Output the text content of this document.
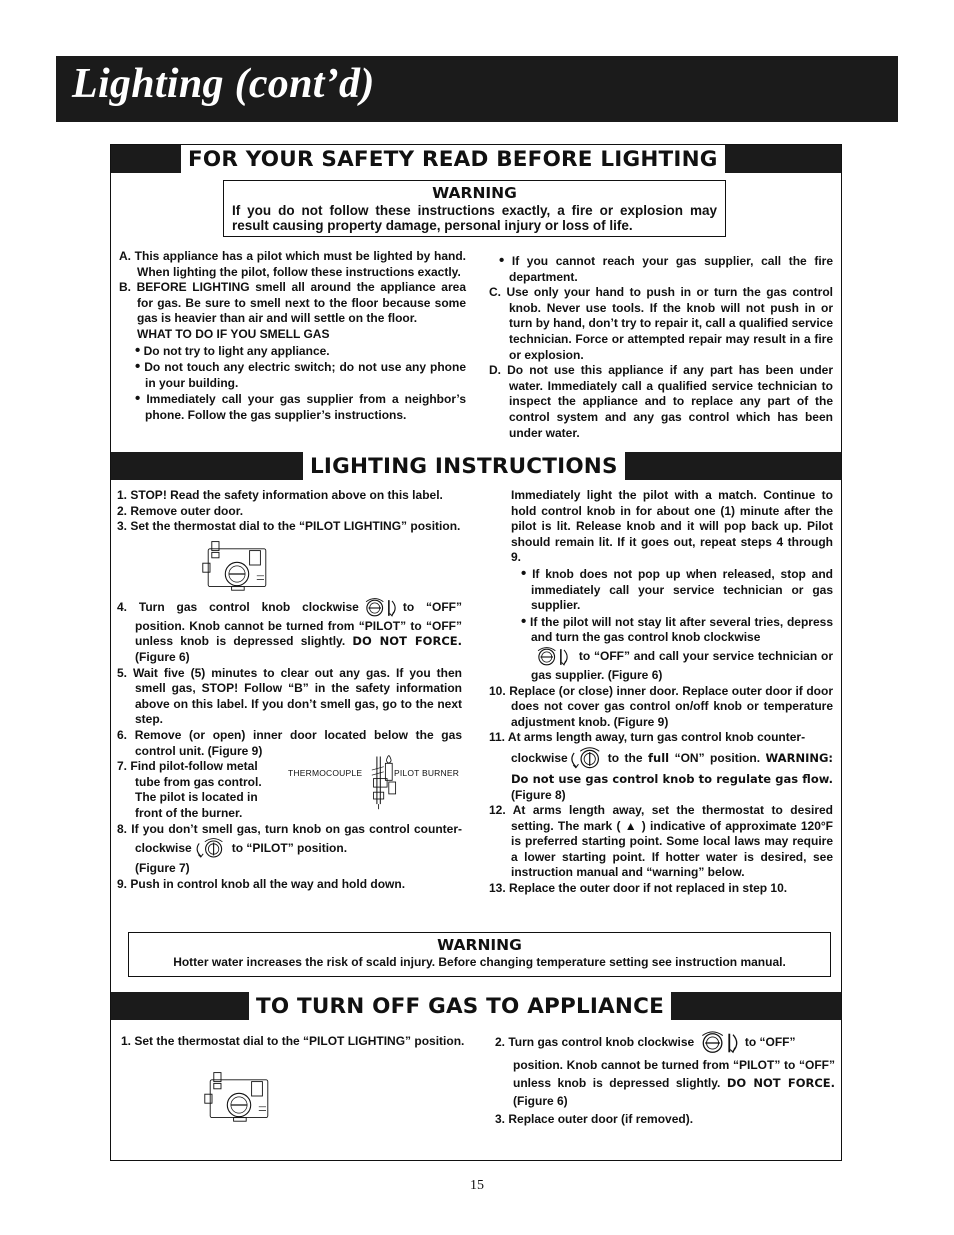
Lighting (cont’d)
FOR YOUR SAFETY READ BEFORE LIGHTING
WARNING
If you do not follow these instructions exactly, a fire or explosion may result causing property damage, personal injury or loss of life.
A. This appliance has a pilot which must be lighted by hand. When lighting the pilot, follow these instructions exactly.
B. BEFORE LIGHTING smell all around the appliance area for gas. Be sure to smell next to the floor because some gas is heavier than air and will settle on the floor.
WHAT TO DO IF YOU SMELL GAS
• Do not try to light any appliance.
• Do not touch any electric switch; do not use any phone in your building.
• Immediately call your gas supplier from a neighbor’s phone. Follow the gas supplier’s instructions.
• If you cannot reach your gas supplier, call the fire department.
C. Use only your hand to push in or turn the gas control knob. Never use tools. If the knob will not push in or turn by hand, don’t try to repair it, call a qualified service technician. Force or attempted repair may result in a fire or explosion.
D. Do not use this appliance if any part has been under water. Immediately call a qualified service technician to inspect the appliance and to replace any part of the control system and any gas control which has been under water.
LIGHTING INSTRUCTIONS
1. STOP! Read the safety information above on this label.
2. Remove outer door.
3. Set the thermostat dial to the “PILOT LIGHTING” position.
4. Turn gas control knob clockwise	to “OFF” position. Knob cannot be turned from “PILOT” to “OFF” unless knob is depressed slightly. DO NOT FORCE. (Figure 6)
5. Wait five (5) minutes to clear out any gas. If you then smell gas, STOP! Follow “B” in the safety information above on this label. If you don’t smell gas, go to the next step.
6. Remove (or open) inner door located below the gas control unit. (Figure 9)
7. Find pilot-follow metal tube from gas control. The pilot is located in front of the burner.
THERMOCOUPLE	PILOT BURNER
8. If you don’t smell gas, turn knob on gas control counter-clockwise	to “PILOT” position.
(Figure 7)
9. Push in control knob all the way and hold down.
Immediately light the pilot with a match. Continue to hold control knob in for about one (1) minute after the pilot is lit. Release knob and it will pop back up. Pilot should remain lit. If it goes out, repeat steps 4 through 9.
• If knob does not pop up when released, stop and immediately call your service technician or gas supplier.
• If the pilot will not stay lit after several tries, depress and turn the gas control knob clockwise
to “OFF” and call your service technician or gas supplier. (Figure 6)
10. Replace (or close) inner door. Replace outer door if door does not cover gas control on/off knob or temperature adjustment knob. (Figure 9)
11. At arms length away, turn gas control knob counter-
clockwise	to the full “ON” position. WARNING: Do not use gas control knob to regulate gas flow. (Figure 8)
12. At arms length away, set the thermostat to desired setting. The mark ( ▲ ) indicative of approximate 120°F is preferred starting point. Some local laws may require a lower starting point. If hotter water is desired, see instruction manual and “warning” below.
13. Replace the outer door if not replaced in step 10.
WARNING
Hotter water increases the risk of scald injury. Before changing temperature setting see instruction manual.
TO TURN OFF GAS TO APPLIANCE
1. Set the thermostat dial to the “PILOT LIGHTING” position.	2. Turn gas control knob clockwise	to “OFF”
position. Knob cannot be turned from “PILOT” to “OFF” unless knob is depressed slightly. DO NOT FORCE. (Figure 6)
3. Replace outer door (if removed).
15
